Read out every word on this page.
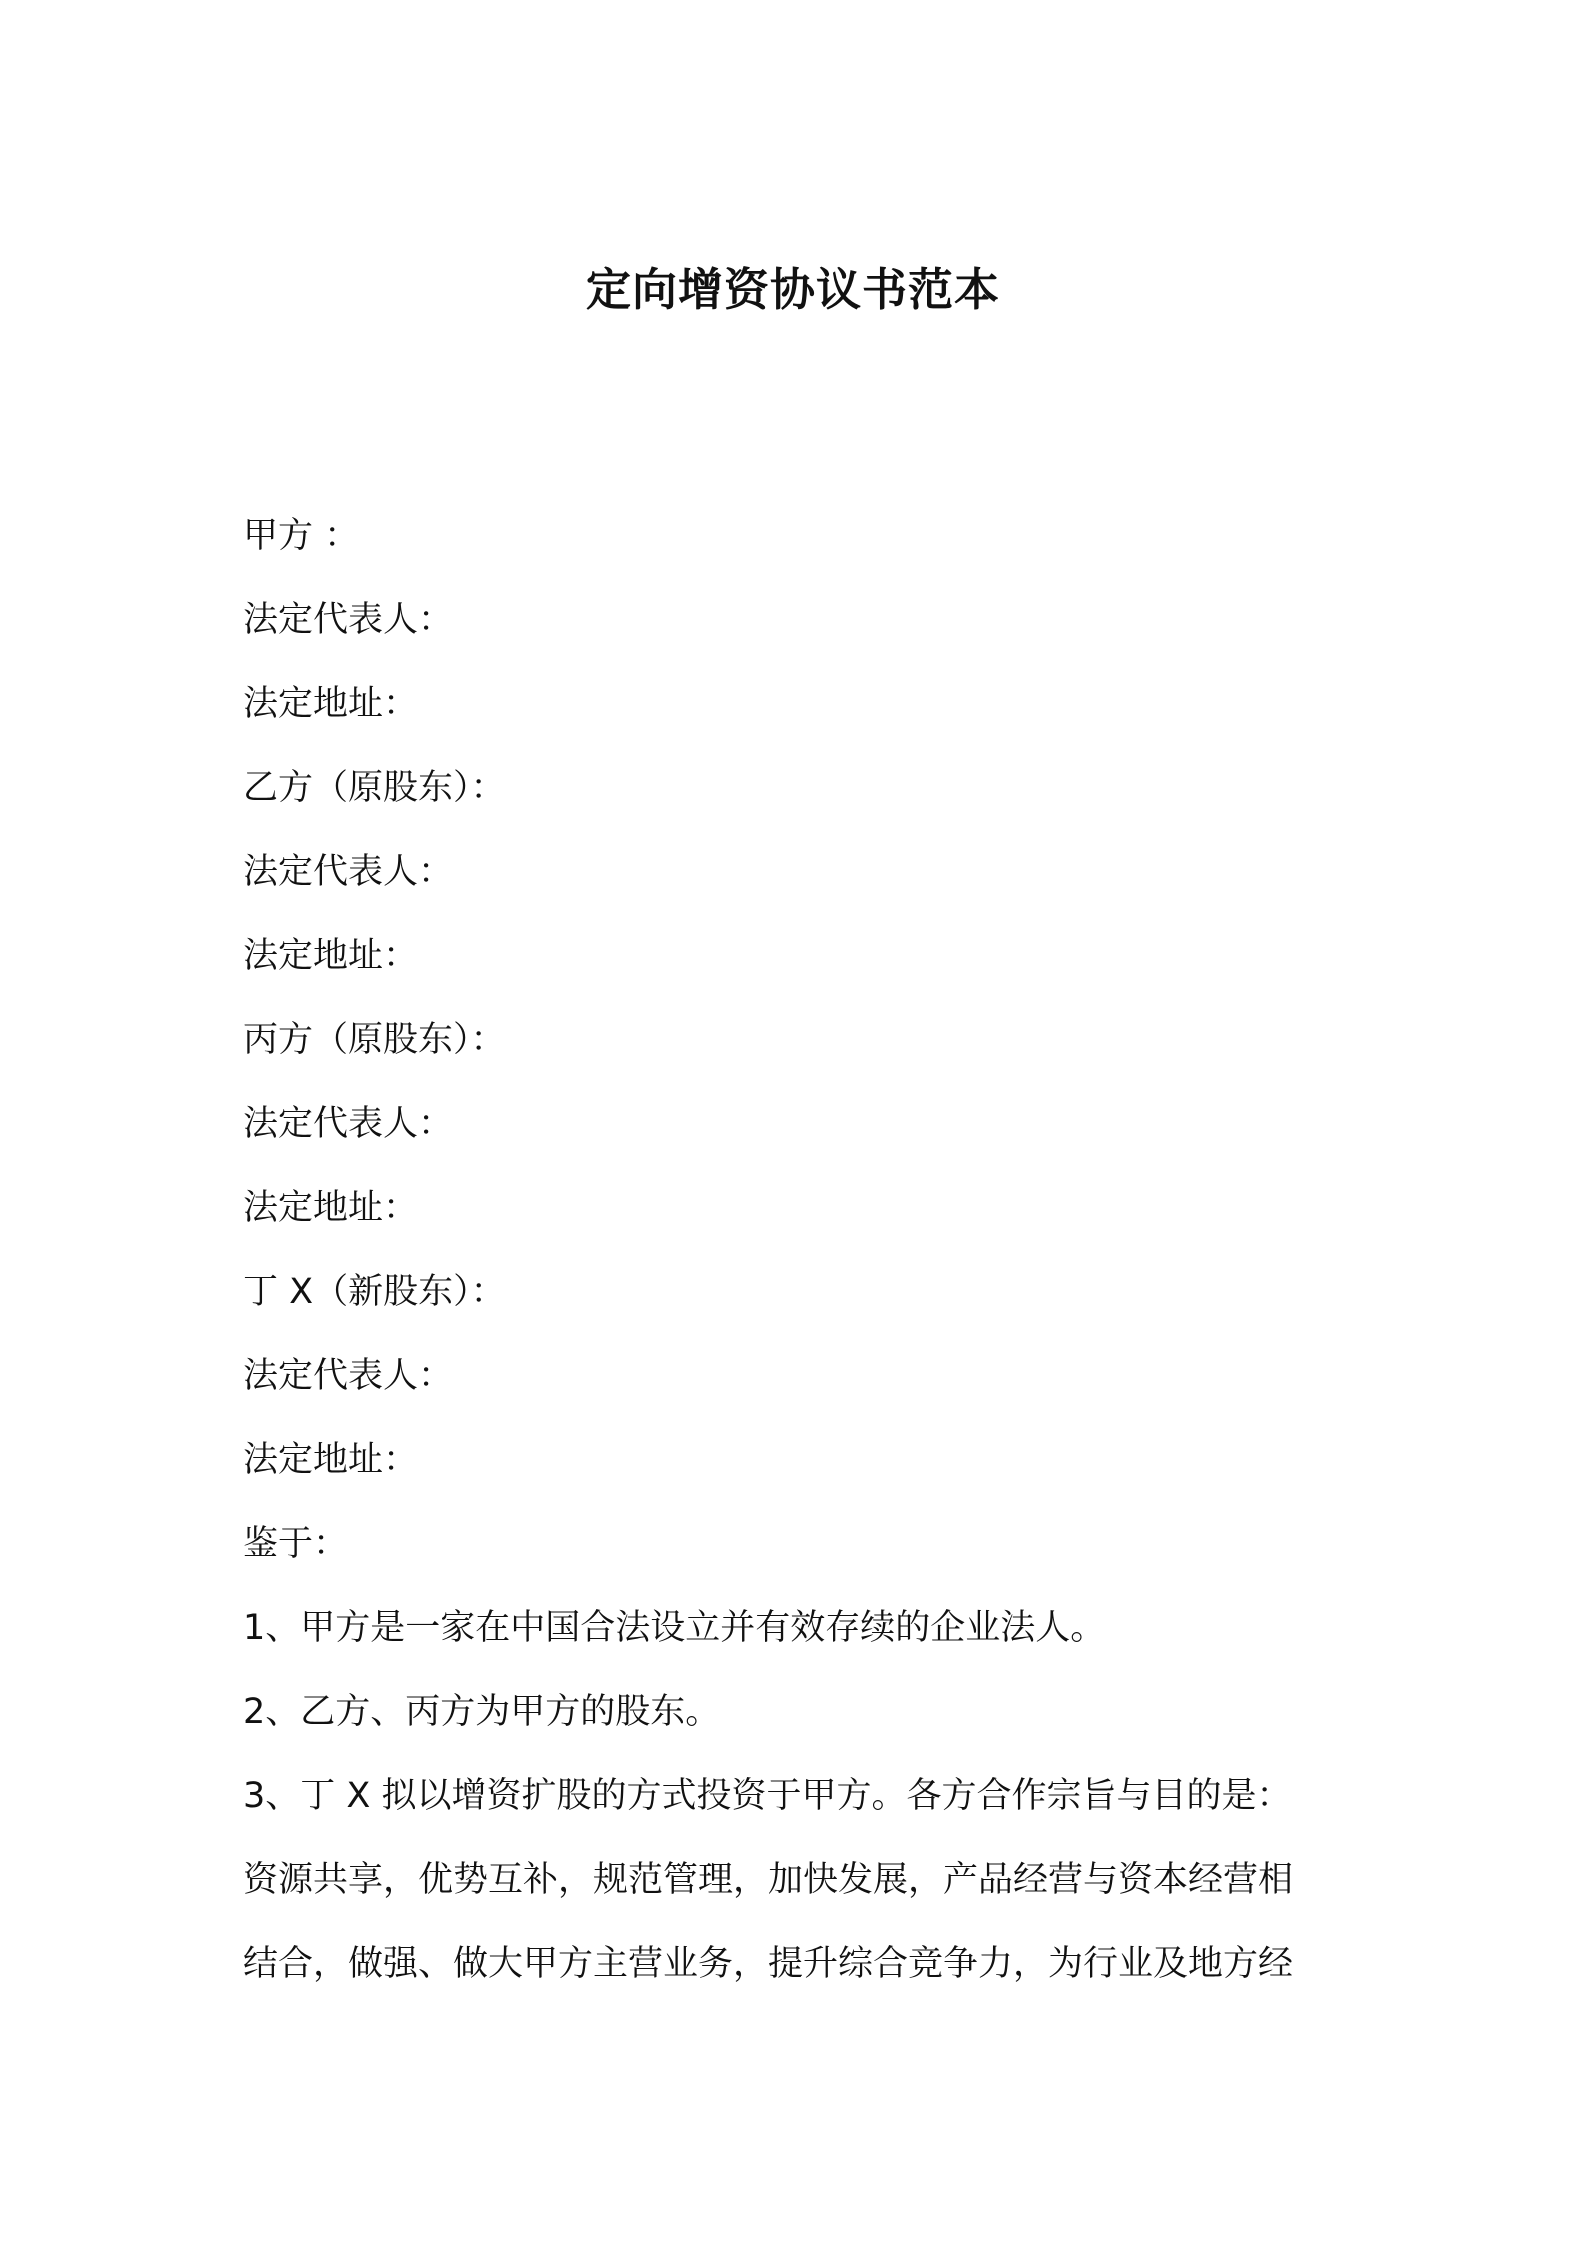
定向增资协议书范本
甲方 ：
法定代表人：
法定地址：
乙方（原股东）：
法定代表人：
法定地址：
丙方（原股东）：
法定代表人：
法定地址：
丁 X（新股东）：
法定代表人：
法定地址：
鉴于：
1、甲方是一家在中国合法设立并有效存续的企业法人。
2、乙方、丙方为甲方的股东。
3、丁 X 拟以增资扩股的方式投资于甲方。各方合作宗旨与目的是：
资源共享，优势互补，规范管理，加快发展，产品经营与资本经营相
结合，做强、做大甲方主营业务，提升综合竞争力，为行业及地方经
